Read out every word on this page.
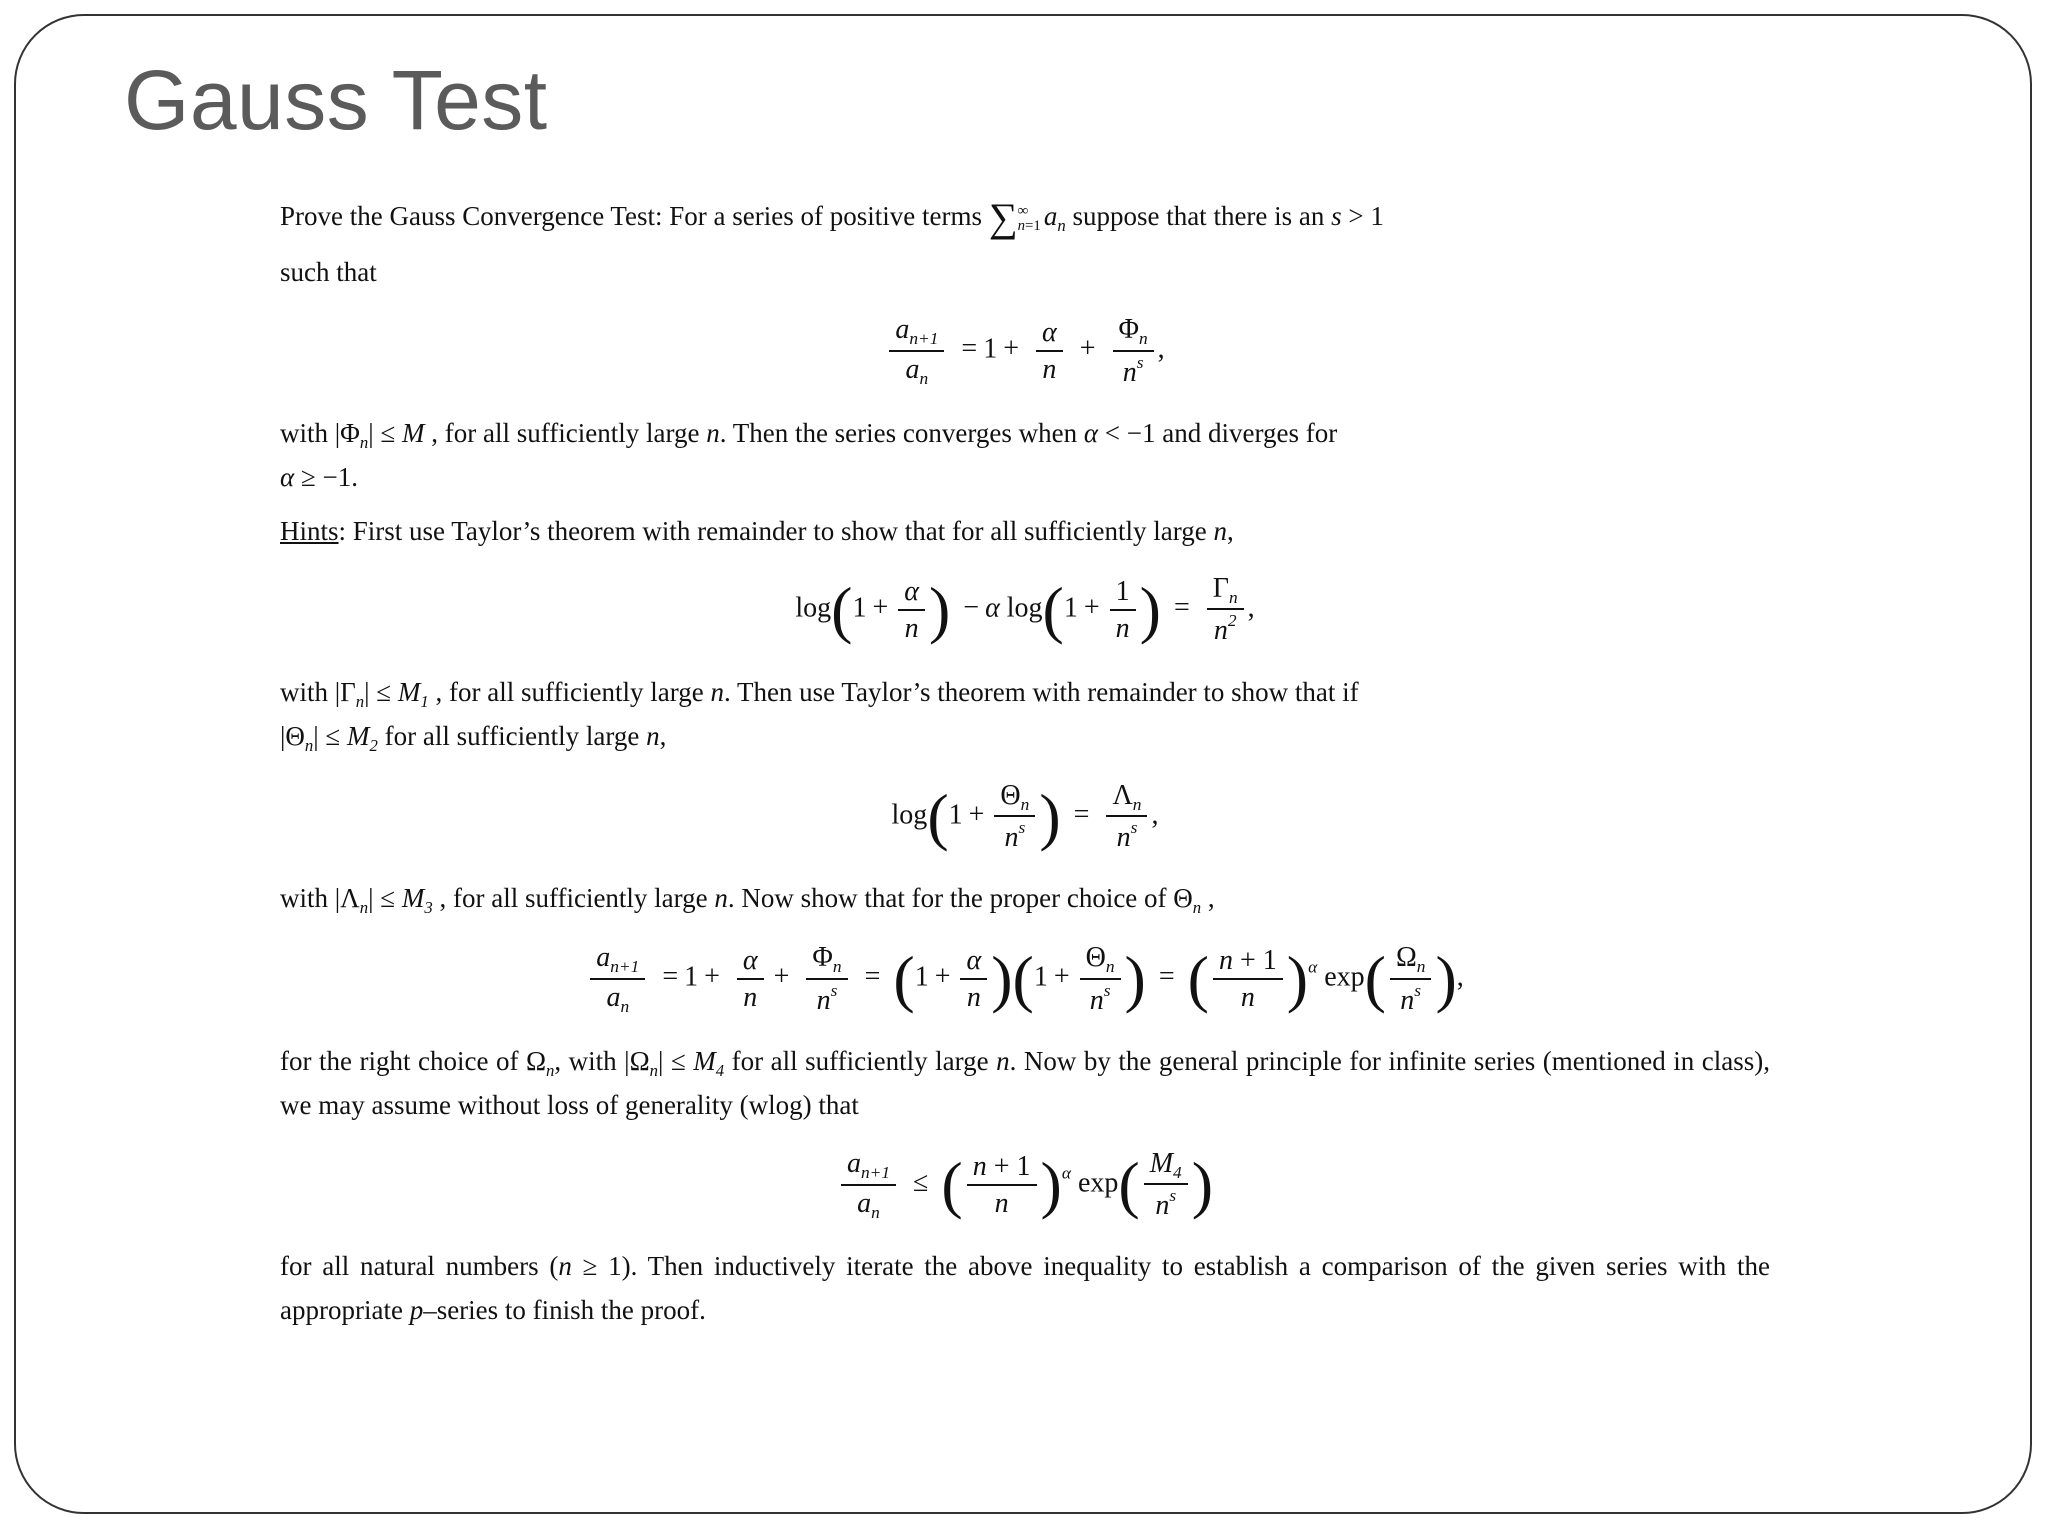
Gauss Test

Prove the Gauss Convergence Test: For a series of positive terms ∑∞
n=1 $a_n$ suppose that there is an s > 1
such that

$\frac{a_{n+1}}{a_n} = 1 + \frac{\alpha}{n} + \frac{\Phi_n}{n^s}$ ,

with $|\Phi_n| \le M$ , for all sufficiently large n. Then the series converges when α < −1 and diverges for
α ≥ −1.

Hints: First use Taylor’s theorem with remainder to show that for all sufficiently large n,

$\log(1 + \frac{\alpha}{n}$ ) − α $\log(1 + \frac{1}{n}$ ) = $\frac{\Gamma_n}{n^2}$ ,

with $|\Gamma_n| \le M_1$ , for all sufficiently large n. Then use Taylor’s theorem with remainder to show that if
$|\Theta_n| \le M_2$ for all sufficiently large n,

$\log(1 + \frac{\Theta_n}{n^s}$ ) = $\frac{\Lambda_n}{n^s}$ ,

with $|\Lambda_n| \le M_3$ , for all sufficiently large n. Now show that for the proper choice of $\Theta_n$ ,

$\frac{a_{n+1}}{a_n} = 1 + \frac{\alpha}{n} + \frac{\Phi_n}{n^s} = (1 + \frac{\alpha}{n} )(1 + \frac{\Theta_n}{n^s}$ ) = ( $\frac{n + 1}{n} )^\alpha$ $\exp( \frac{\Omega_n}{n^s}$ ),

for the right choice of $\Omega_n$, with $|\Omega_n| \le M_4$ for all sufficiently large n. Now by the general principle for infinite series (mentioned in class), we may assume without loss of generality (wlog) that

$\frac{a_{n+1}}{a_n}$ ≤ ( $\frac{n + 1}{n} )^\alpha$ $\exp( \frac{M_4}{n^s}$ )

for all natural numbers (n ≥ 1). Then inductively iterate the above inequality to establish a comparison of the given series with the appropriate p–series to finish the proof.
